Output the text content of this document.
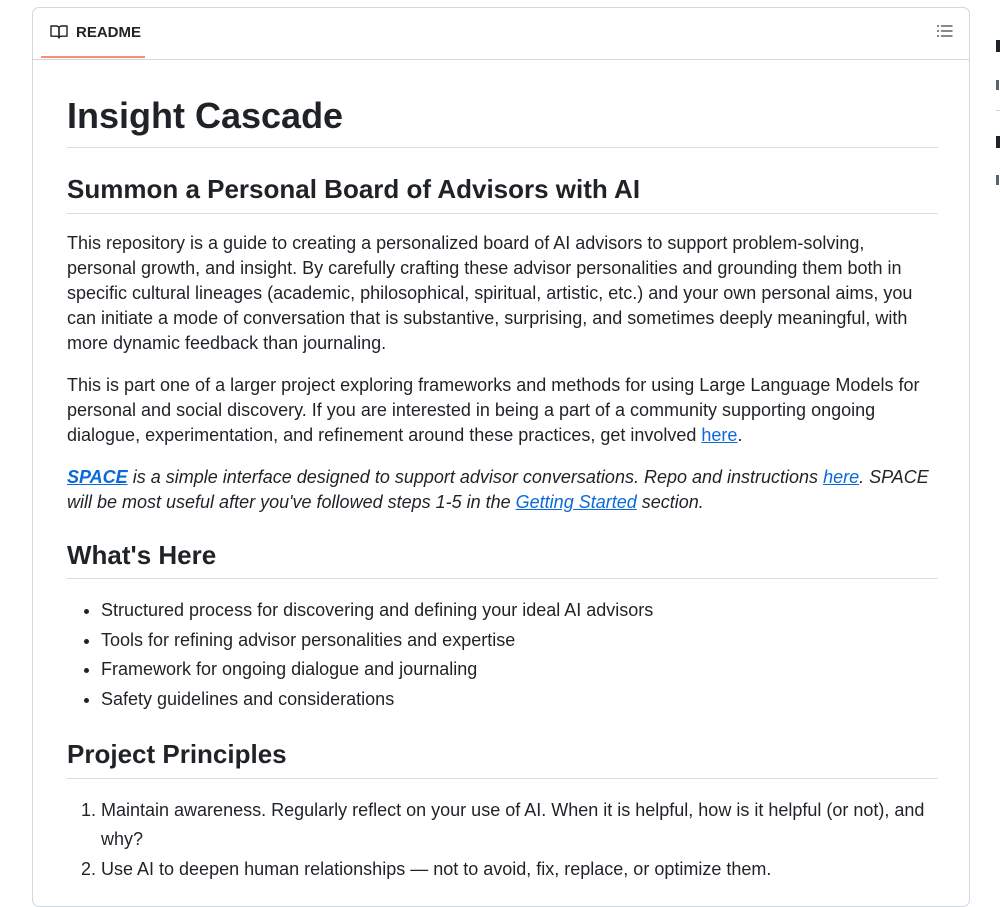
README
Insight Cascade
Summon a Personal Board of Advisors with AI

This repository is a guide to creating a personalized board of AI advisors to support problem-solving, personal growth, and insight. By carefully crafting these advisor personalities and grounding them both in specific cultural lineages (academic, philosophical, spiritual, artistic, etc.) and your own personal aims, you can initiate a mode of conversation that is substantive, surprising, and sometimes deeply meaningful, with more dynamic feedback than journaling.

This is part one of a larger project exploring frameworks and methods for using Large Language Models for personal and social discovery. If you are interested in being a part of a community supporting ongoing dialogue, experimentation, and refinement around these practices, get involved here.

SPACE is a simple interface designed to support advisor conversations. Repo and instructions here. SPACE will be most useful after you've followed steps 1-5 in the Getting Started section.

What's Here
• Structured process for discovering and defining your ideal AI advisors
• Tools for refining advisor personalities and expertise
• Framework for ongoing dialogue and journaling
• Safety guidelines and considerations
Project Principles
1. Maintain awareness. Regularly reflect on your use of AI. When it is helpful, how is it helpful (or not), and why?
2. Use AI to deepen human relationships — not to avoid, fix, replace, or optimize them.
